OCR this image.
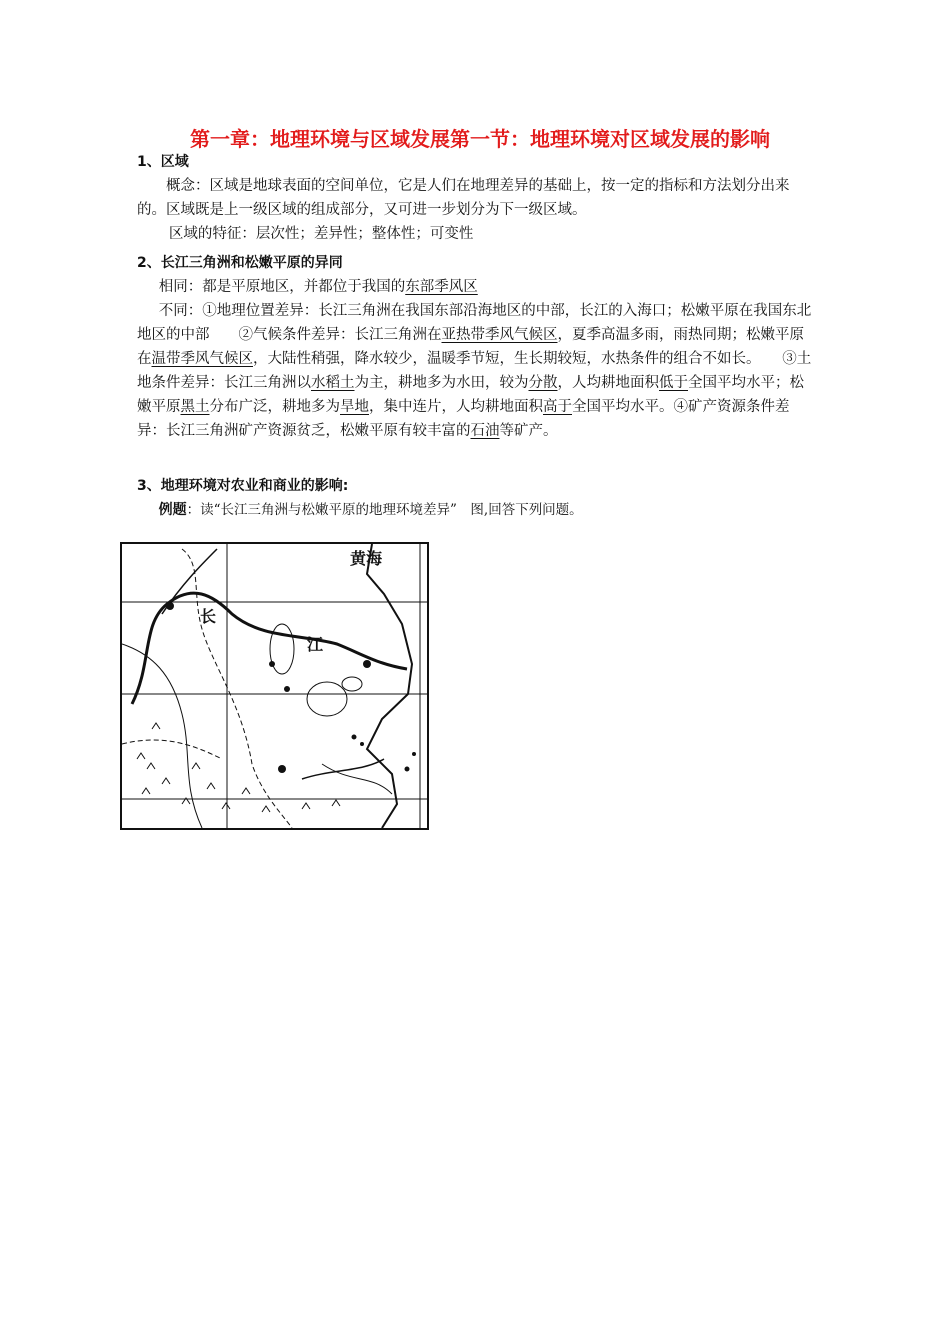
第一章：地理环境与区域发展第一节：地理环境对区域发展的影响
1、区域
概念：区域是地球表面的空间单位，它是人们在地理差异的基础上，按一定的指标和方法划分出来的。区域既是上一级区域的组成部分，又可进一步划分为下一级区域。
区域的特征：层次性；差异性；整体性；可变性
2、长江三角洲和松嫩平原的异同
相同：都是平原地区，并都位于我国的东部季风区
不同：①地理位置差异：长江三角洲在我国东部沿海地区的中部，长江的入海口；松嫩平原在我国东北地区的中部　　②气候条件差异：长江三角洲在亚热带季风气候区，夏季高温多雨，雨热同期；松嫩平原在温带季风气候区，大陆性稍强，降水较少，温暖季节短，生长期较短，水热条件的组合不如长。　　③土地条件差异：长江三角洲以水稻土为主，耕地多为水田，较为分散，人均耕地面积低于全国平均水平；松嫩平原黑土分布广泛，耕地多为旱地，集中连片，人均耕地面积高于全国平均水平。④矿产资源条件差异：长江三角洲矿产资源贫乏，松嫩平原有较丰富的石油等矿产。
3、地理环境对农业和商业的影响:
例题：读“长江三角洲与松嫩平原的地理环境差异”　图,回答下列问题。
黄海
长
江
